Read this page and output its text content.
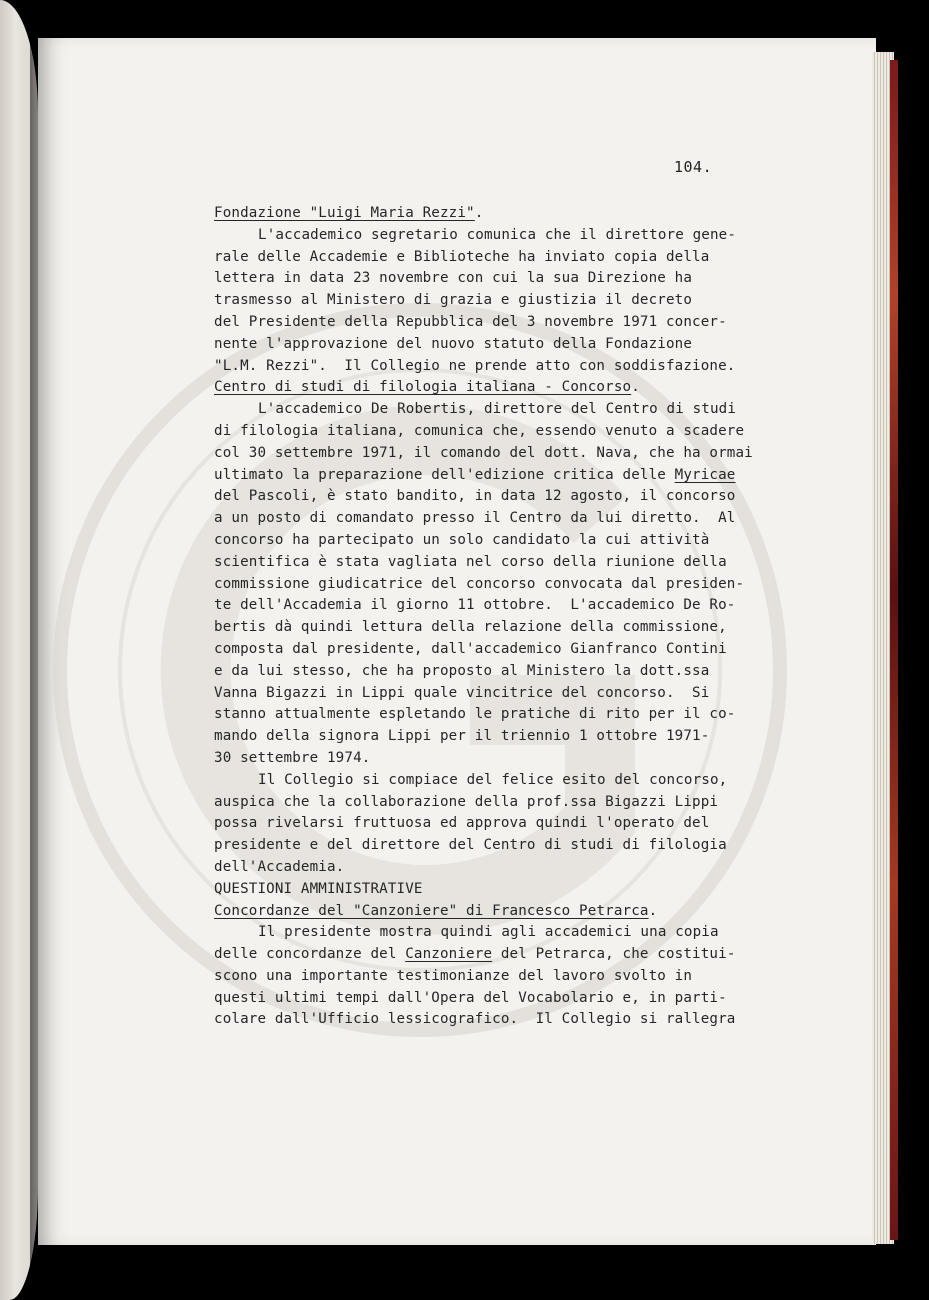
104.
Fondazione "Luigi Maria Rezzi".
L'accademico segretario comunica che il direttore gene-
rale delle Accademie e Biblioteche ha inviato copia della
lettera in data 23 novembre con cui la sua Direzione ha
trasmesso al Ministero di grazia e giustizia il decreto
del Presidente della Repubblica del 3 novembre 1971 concer-
nente l'approvazione del nuovo statuto della Fondazione
"L.M. Rezzi".  Il Collegio ne prende atto con soddisfazione.
Centro di studi di filologia italiana - Concorso.
L'accademico De Robertis, direttore del Centro di studi
di filologia italiana, comunica che, essendo venuto a scadere
col 30 settembre 1971, il comando del dott. Nava, che ha ormai
ultimato la preparazione dell'edizione critica delle Myricae
del Pascoli, è stato bandito, in data 12 agosto, il concorso
a un posto di comandato presso il Centro da lui diretto.  Al
concorso ha partecipato un solo candidato la cui attività
scientifica è stata vagliata nel corso della riunione della
commissione giudicatrice del concorso convocata dal presiden-
te dell'Accademia il giorno 11 ottobre.  L'accademico De Ro-
bertis dà quindi lettura della relazione della commissione,
composta dal presidente, dall'accademico Gianfranco Contini
e da lui stesso, che ha proposto al Ministero la dott.ssa
Vanna Bigazzi in Lippi quale vincitrice del concorso.  Si
stanno attualmente espletando le pratiche di rito per il co-
mando della signora Lippi per il triennio 1 ottobre 1971-
30 settembre 1974.
Il Collegio si compiace del felice esito del concorso,
auspica che la collaborazione della prof.ssa Bigazzi Lippi
possa rivelarsi fruttuosa ed approva quindi l'operato del
presidente e del direttore del Centro di studi di filologia
dell'Accademia.
QUESTIONI AMMINISTRATIVE
Concordanze del "Canzoniere" di Francesco Petrarca.
Il presidente mostra quindi agli accademici una copia
delle concordanze del Canzoniere del Petrarca, che costitui-
scono una importante testimonianze del lavoro svolto in
questi ultimi tempi dall'Opera del Vocabolario e, in parti-
colare dall'Ufficio lessicografico.  Il Collegio si rallegra
